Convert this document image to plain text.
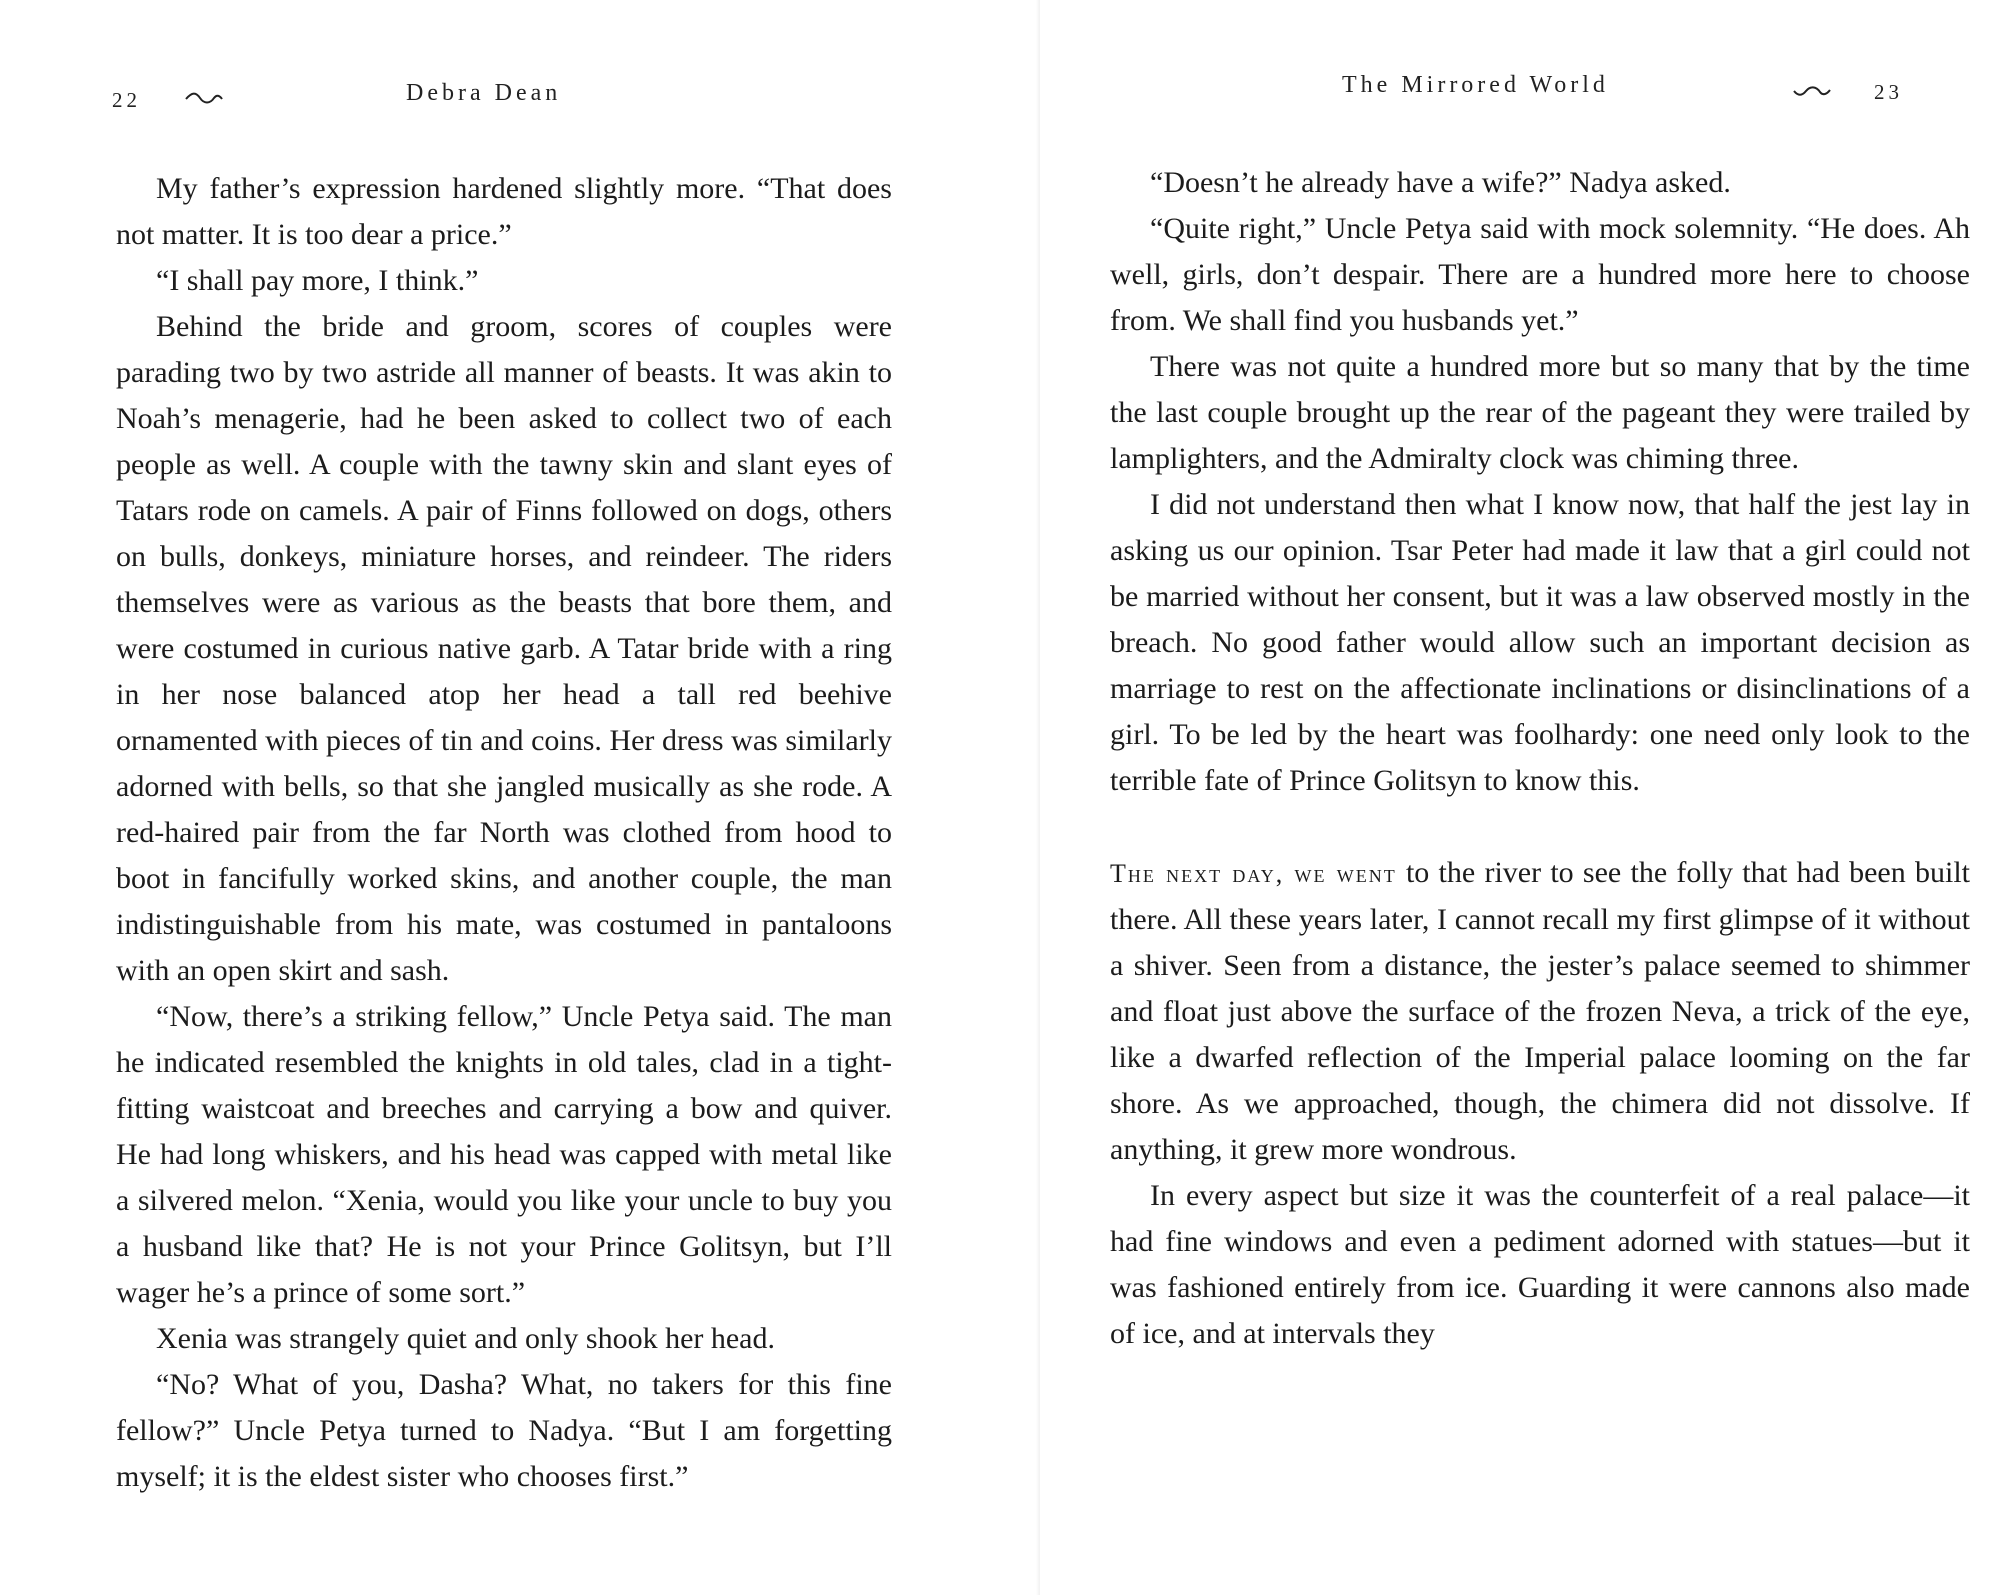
22	Debra Dean

My father’s expression hardened slightly more. “That does not matter. It is too dear a price.”

“I shall pay more, I think.”

Behind the bride and groom, scores of couples were parading two by two astride all manner of beasts. It was akin to Noah’s menagerie, had he been asked to collect two of each people as well. A couple with the tawny skin and slant eyes of Tatars rode on camels. A pair of Finns followed on dogs, others on bulls, donkeys, miniature horses, and reindeer. The riders themselves were as various as the beasts that bore them, and were costumed in curious native garb. A Tatar bride with a ring in her nose balanced atop her head a tall red beehive ornamented with pieces of tin and coins. Her dress was similarly adorned with bells, so that she jangled musically as she rode. A red-haired pair from the far North was clothed from hood to boot in fancifully worked skins, and another couple, the man indistinguishable from his mate, was costumed in pantaloons with an open skirt and sash.

“Now, there’s a striking fellow,” Uncle Petya said. The man he indicated resembled the knights in old tales, clad in a tight-fitting waistcoat and breeches and carrying a bow and quiver. He had long whiskers, and his head was capped with metal like a silvered melon. “Xenia, would you like your uncle to buy you a husband like that? He is not your Prince Golitsyn, but I’ll wager he’s a prince of some sort.”

Xenia was strangely quiet and only shook her head.

“No? What of you, Dasha? What, no takers for this fine fellow?” Uncle Petya turned to Nadya. “But I am forgetting myself; it is the eldest sister who chooses first.”

The Mirrored World	23

“Doesn’t he already have a wife?” Nadya asked.

“Quite right,” Uncle Petya said with mock solemnity. “He does. Ah well, girls, don’t despair. There are a hundred more here to choose from. We shall find you husbands yet.”

There was not quite a hundred more but so many that by the time the last couple brought up the rear of the pageant they were trailed by lamplighters, and the Admiralty clock was chiming three.

I did not understand then what I know now, that half the jest lay in asking us our opinion. Tsar Peter had made it law that a girl could not be married without her consent, but it was a law observed mostly in the breach. No good father would allow such an important decision as marriage to rest on the affectionate inclinations or disinclinations of a girl. To be led by the heart was foolhardy: one need only look to the terrible fate of Prince Golitsyn to know this.

The next day, we went to the river to see the folly that had been built there. All these years later, I cannot recall my first glimpse of it without a shiver. Seen from a distance, the jester’s palace seemed to shimmer and float just above the surface of the frozen Neva, a trick of the eye, like a dwarfed reflection of the Imperial palace looming on the far shore. As we approached, though, the chimera did not dissolve. If anything, it grew more wondrous.

In every aspect but size it was the counterfeit of a real palace—it had fine windows and even a pediment adorned with statues—but it was fashioned entirely from ice. Guarding it were cannons also made of ice, and at intervals they
